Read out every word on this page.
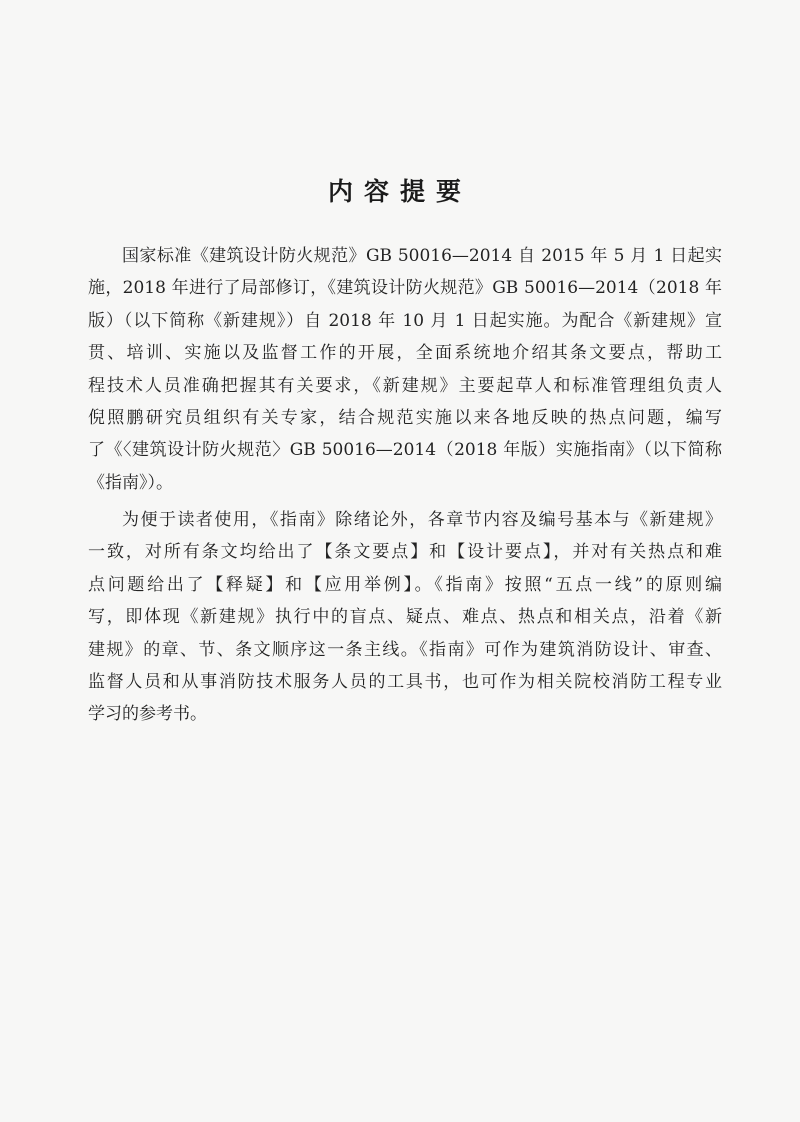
内容提要
国家标准《建筑设计防火规范》GB 50016—2014 自 2015 年 5 月 1 日起实
施，2018 年进行了局部修订，《建筑设计防火规范》GB 50016—2014（2018 年
版）（以下简称《新建规》）自 2018 年 10 月 1 日起实施。为配合《新建规》宣
贯、培训、实施以及监督工作的开展，全面系统地介绍其条文要点，帮助工
程技术人员准确把握其有关要求，《新建规》主要起草人和标准管理组负责人
倪照鹏研究员组织有关专家，结合规范实施以来各地反映的热点问题，编写
了《〈建筑设计防火规范〉GB 50016—2014（2018 年版）实施指南》（以下简称
《指南》）。
为便于读者使用，《指南》除绪论外，各章节内容及编号基本与《新建规》
一致，对所有条文均给出了【条文要点】和【设计要点】，并对有关热点和难
点问题给出了【释疑】和【应用举例】。《指南》按照“五点一线”的原则编
写，即体现《新建规》执行中的盲点、疑点、难点、热点和相关点，沿着《新
建规》的章、节、条文顺序这一条主线。《指南》可作为建筑消防设计、审查、
监督人员和从事消防技术服务人员的工具书，也可作为相关院校消防工程专业
学习的参考书。
